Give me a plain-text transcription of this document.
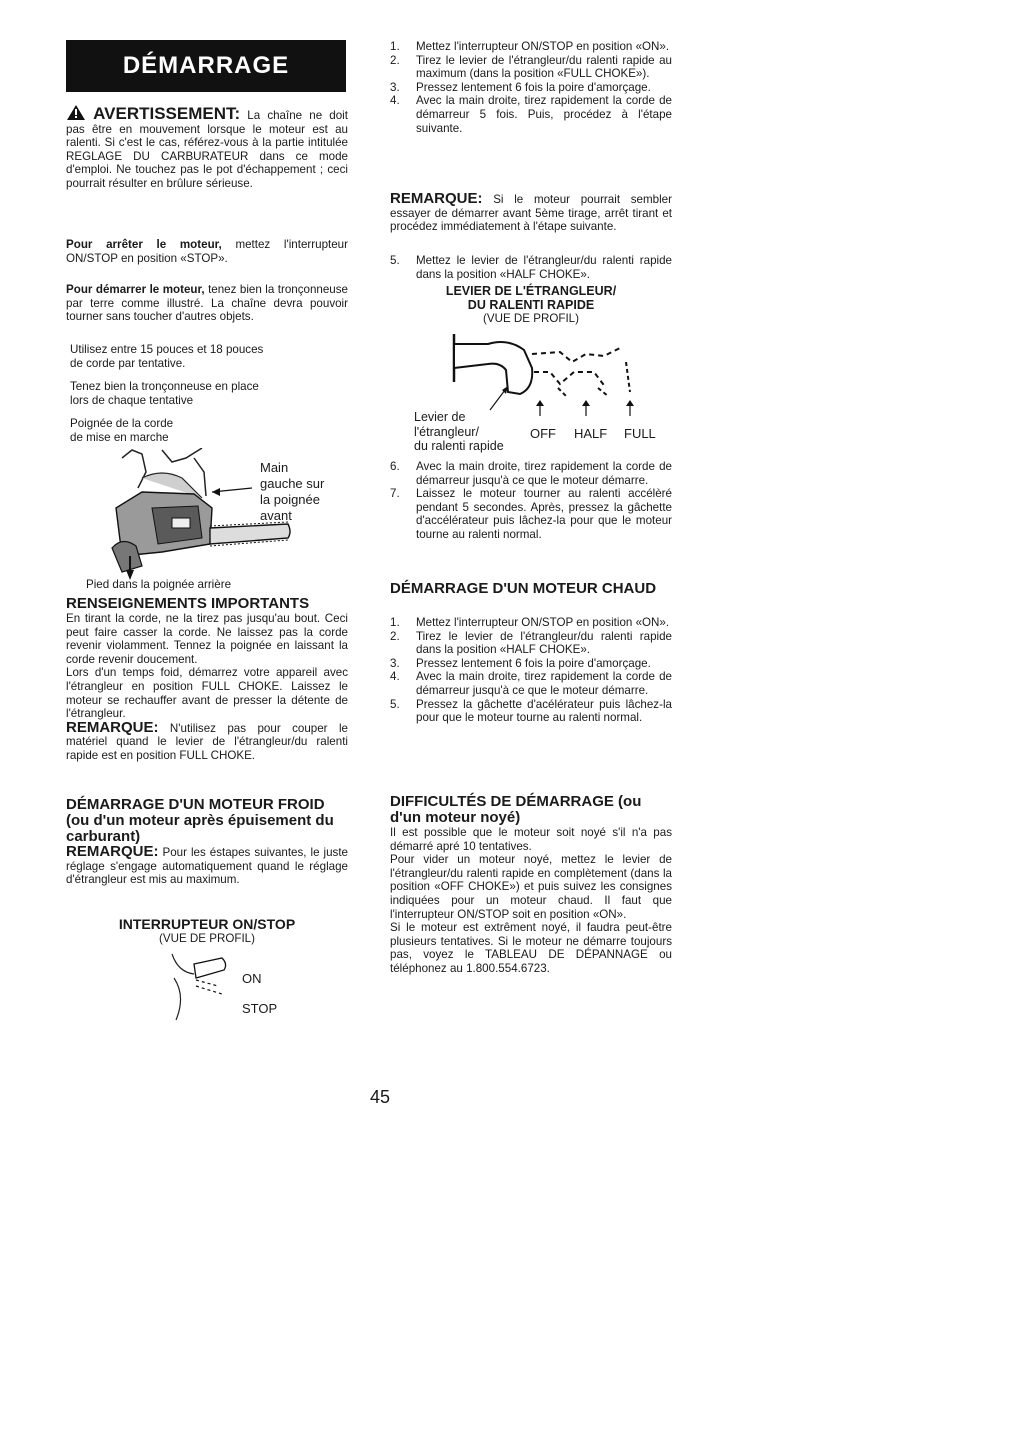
DÉMARRAGE

AVERTISSEMENT: La chaîne ne doit pas être en mouvement lorsque le moteur est au ralenti. Si c'est le cas, référez-vous à la partie intitulée REGLAGE DU CARBURATEUR dans ce mode d'emploi. Ne touchez pas le pot d'échappement ; ceci pourrait résulter en brûlure sérieuse.

Pour arrêter le moteur, mettez l'interrupteur ON/STOP en position «STOP».

Pour démarrer le moteur, tenez bien la tronçonneuse par terre comme illustré. La chaîne devra pouvoir tourner sans toucher d'autres objets.

Utilisez entre 15 pouces et 18 pouces

de corde par tentative.

Tenez bien la tronçonneuse en place

lors de chaque tentative

Poignée de la corde

de mise en marche

Main

gauche sur

la poignée

avant

Pied dans la poignée arrière

RENSEIGNEMENTS IMPORTANTS

En tirant la corde, ne la tirez pas jusqu'au bout. Ceci peut faire casser la corde. Ne laissez pas la corde revenir violamment. Tennez la poignée en laissant la corde revenir doucement.

Lors d'un temps foid, démarrez votre appareil avec l'étrangleur en position FULL CHOKE. Laissez le moteur se rechauffer avant de presser la détente de l'étrangleur.

REMARQUE: N'utilisez pas pour couper le matériel quand le levier de l'étrangleur/du ralenti rapide est en position FULL CHOKE.

DÉMARRAGE D'UN MOTEUR FROID (ou d'un moteur après épuisement du carburant)

REMARQUE: Pour les éstapes suivantes, le juste réglage s'engage automatiquement quand le réglage d'étrangleur est mis au maximum.

INTERRUPTEUR ON/STOP

(VUE DE PROFIL)

ON
STOP
1. Mettez l'interrupteur ON/STOP en position «ON».
2. Tirez le levier de l'étrangleur/du ralenti rapide au maximum (dans la position «FULL CHOKE»).
3. Pressez lentement 6 fois la poire d'amorçage.
4. Avec la main droite, tirez rapidement la corde de démarreur 5 fois. Puis, procédez à l'étape suivante.

REMARQUE: Si le moteur pourrait sembler essayer de démarrer avant 5ème tirage, arrêt tirant et procédez immédiatement à l'étape suivante.

5. Mettez le levier de l'étrangleur/du ralenti rapide dans la position «HALF CHOKE».

LEVIER DE L'ÉTRANGLEUR/

DU RALENTI RAPIDE

(VUE DE PROFIL)

Levier de

l'étrangleur/

du ralenti rapide

OFF HALF FULL
6. Avec la main droite, tirez rapidement la corde de démarreur jusqu'à ce que le moteur démarre.
7. Laissez le moteur tourner au ralenti accélèré pendant 5 secondes. Après, pressez la gâchette d'accélérateur puis lâchez-la pour que le moteur tourne au ralenti normal.

DÉMARRAGE D'UN MOTEUR CHAUD

1. Mettez l'interrupteur ON/STOP en position «ON».
2. Tirez le levier de l'étrangleur/du ralenti rapide dans la position «HALF CHOKE».
3. Pressez lentement 6 fois la poire d'amorçage.
4. Avec la main droite, tirez rapidement la corde de démarreur jusqu'à ce que le moteur démarre.
5. Pressez la gâchette d'acélérateur puis lâchez-la pour que le moteur tourne au ralenti normal.

DIFFICULTÉS DE DÉMARRAGE (ou d'un moteur noyé)

Il est possible que le moteur soit noyé s'il n'a pas démarré apré 10 tentatives.

Pour vider un moteur noyé, mettez le levier de l'étrangleur/du ralenti rapide en complètement (dans la position «OFF CHOKE») et puis suivez les consignes indiquées pour un moteur chaud. Il faut que l'interrupteur ON/STOP soit en position «ON».

Si le moteur est extrêment noyé, il faudra peut-être plusieurs tentatives. Si le moteur ne démarre toujours pas, voyez le TABLEAU DE DÉPANNAGE ou téléphonez au 1.800.554.6723.

45
